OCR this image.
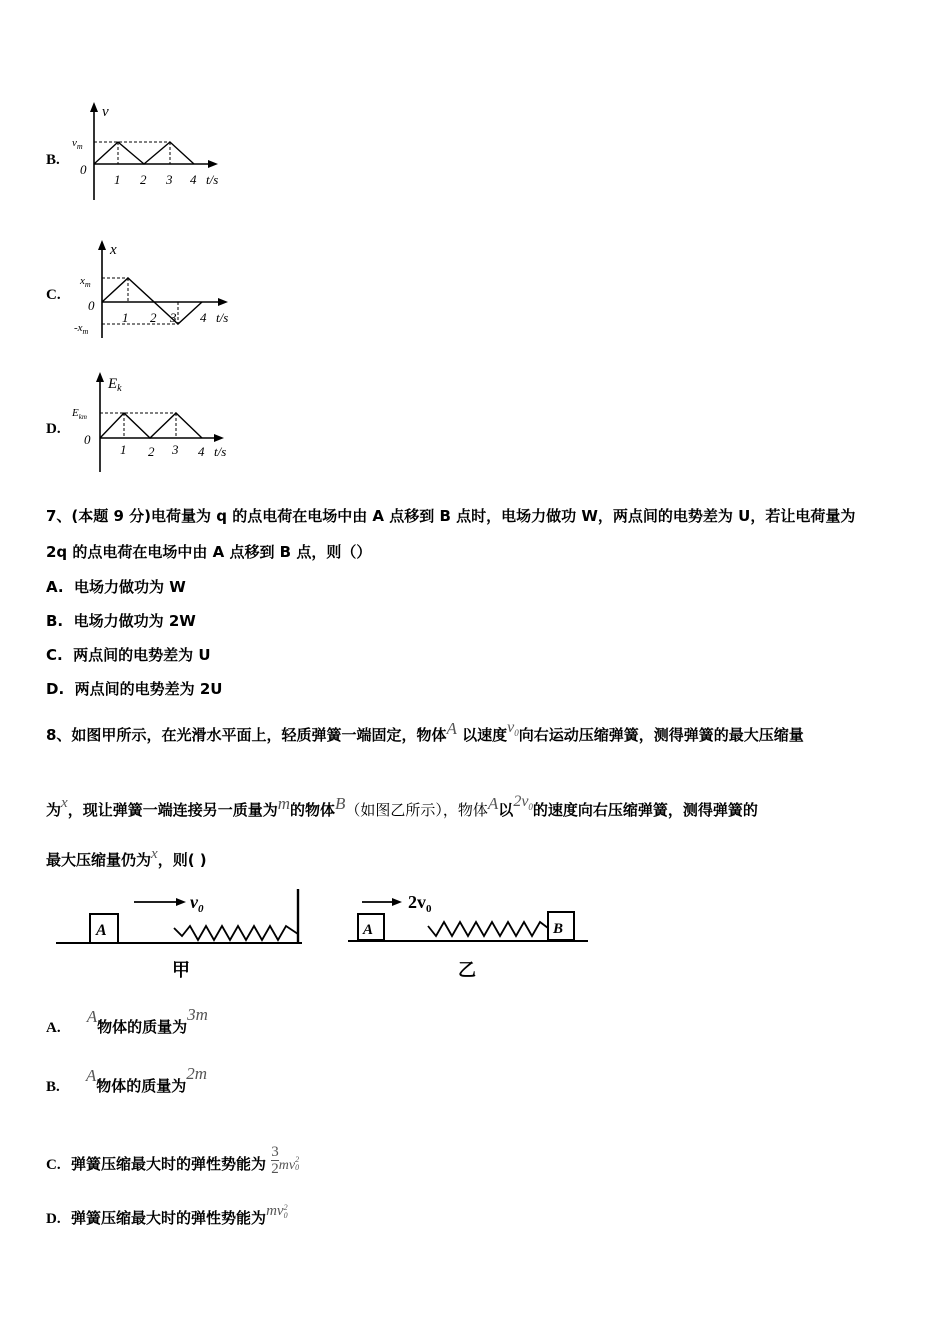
B.
v
$v_m$
0
1 2 3 4 t/s
C.
x
$x_m$
$-x_m$
0
1 2 3 4 t/s
D.
$E_k$
$E_{km}$
0
1 2 3 4 t/s
7、(本题 9 分)电荷量为 q 的点电荷在电场中由 A 点移到 B 点时，电场力做功 W，两点间的电势差为 U，若让电荷量为
2q 的点电荷在电场中由 A 点移到 B 点，则（）
A. 电场力做功为 W
B. 电场力做功为 2W
C. 两点间的电势差为 U
D. 两点间的电势差为 2U
8、如图甲所示，在光滑水平面上，轻质弹簧一端固定，物体A 以速度$v_0$向右运动压缩弹簧，测得弹簧的最大压缩量
为x，现让弹簧一端连接另一质量为m的物体B（如图乙所示），物体A以$2v_0$的速度向右压缩弹簧，测得弹簧的
最大压缩量仍为x，则( )
A
$v_0$
甲
A	B
$2v_0$
乙
A.     A物体的质量为3m
B.     A物体的质量为2m
C. 弹簧压缩最大时的弹性势能为 $\frac{3}{2}$ mv 2
0
D. 弹簧压缩最大时的弹性势能为mv 2
0
